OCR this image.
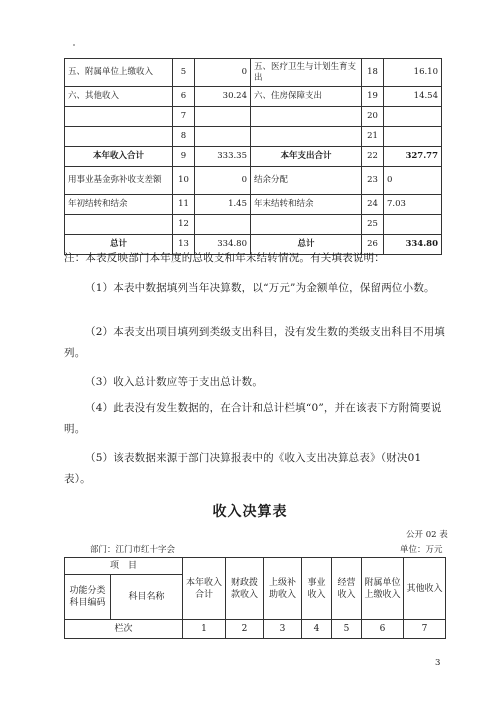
五、附属单位上缴收入	5	0	五、医疗卫生与计划生育支出	18	16.10
六、其他收入	6	30.24	六、住房保障支出	19	14.54
	7			20	
	8			21	
本年收入合计	9	333.35	本年支出合计	22	327.77
用事业基金弥补收支差额	10	0	结余分配	23	0
年初结转和结余	11	1.45	年末结转和结余	24	7.03
	12			25	
总计	13	334.80	总计	26	334.80
注：本表反映部门本年度的总收支和年末结转情况。有关填表说明：
（1）本表中数据填列当年决算数，以“万元”为金额单位，保留两位小数。
（2）本表支出项目填列到类级支出科目，没有发生数的类级支出科目不用填列。
（3）收入总计数应等于支出总计数。
（4）此表没有发生数据的，在合计和总计栏填“0”，并在该表下方附简要说明。
（5）该表数据来源于部门决算报表中的《收入支出决算总表》（财决01表）。
收入决算表
公开 02 表
部门：江门市红十字会	单位：万元
项　目		本年收入合计	财政拨款收入	上级补助收入	事业收入	经营收入	附属单位上缴收入	其他收入
功能分类科目编码	科目名称							
栏次		1	2	3	4	5	6	7
3
